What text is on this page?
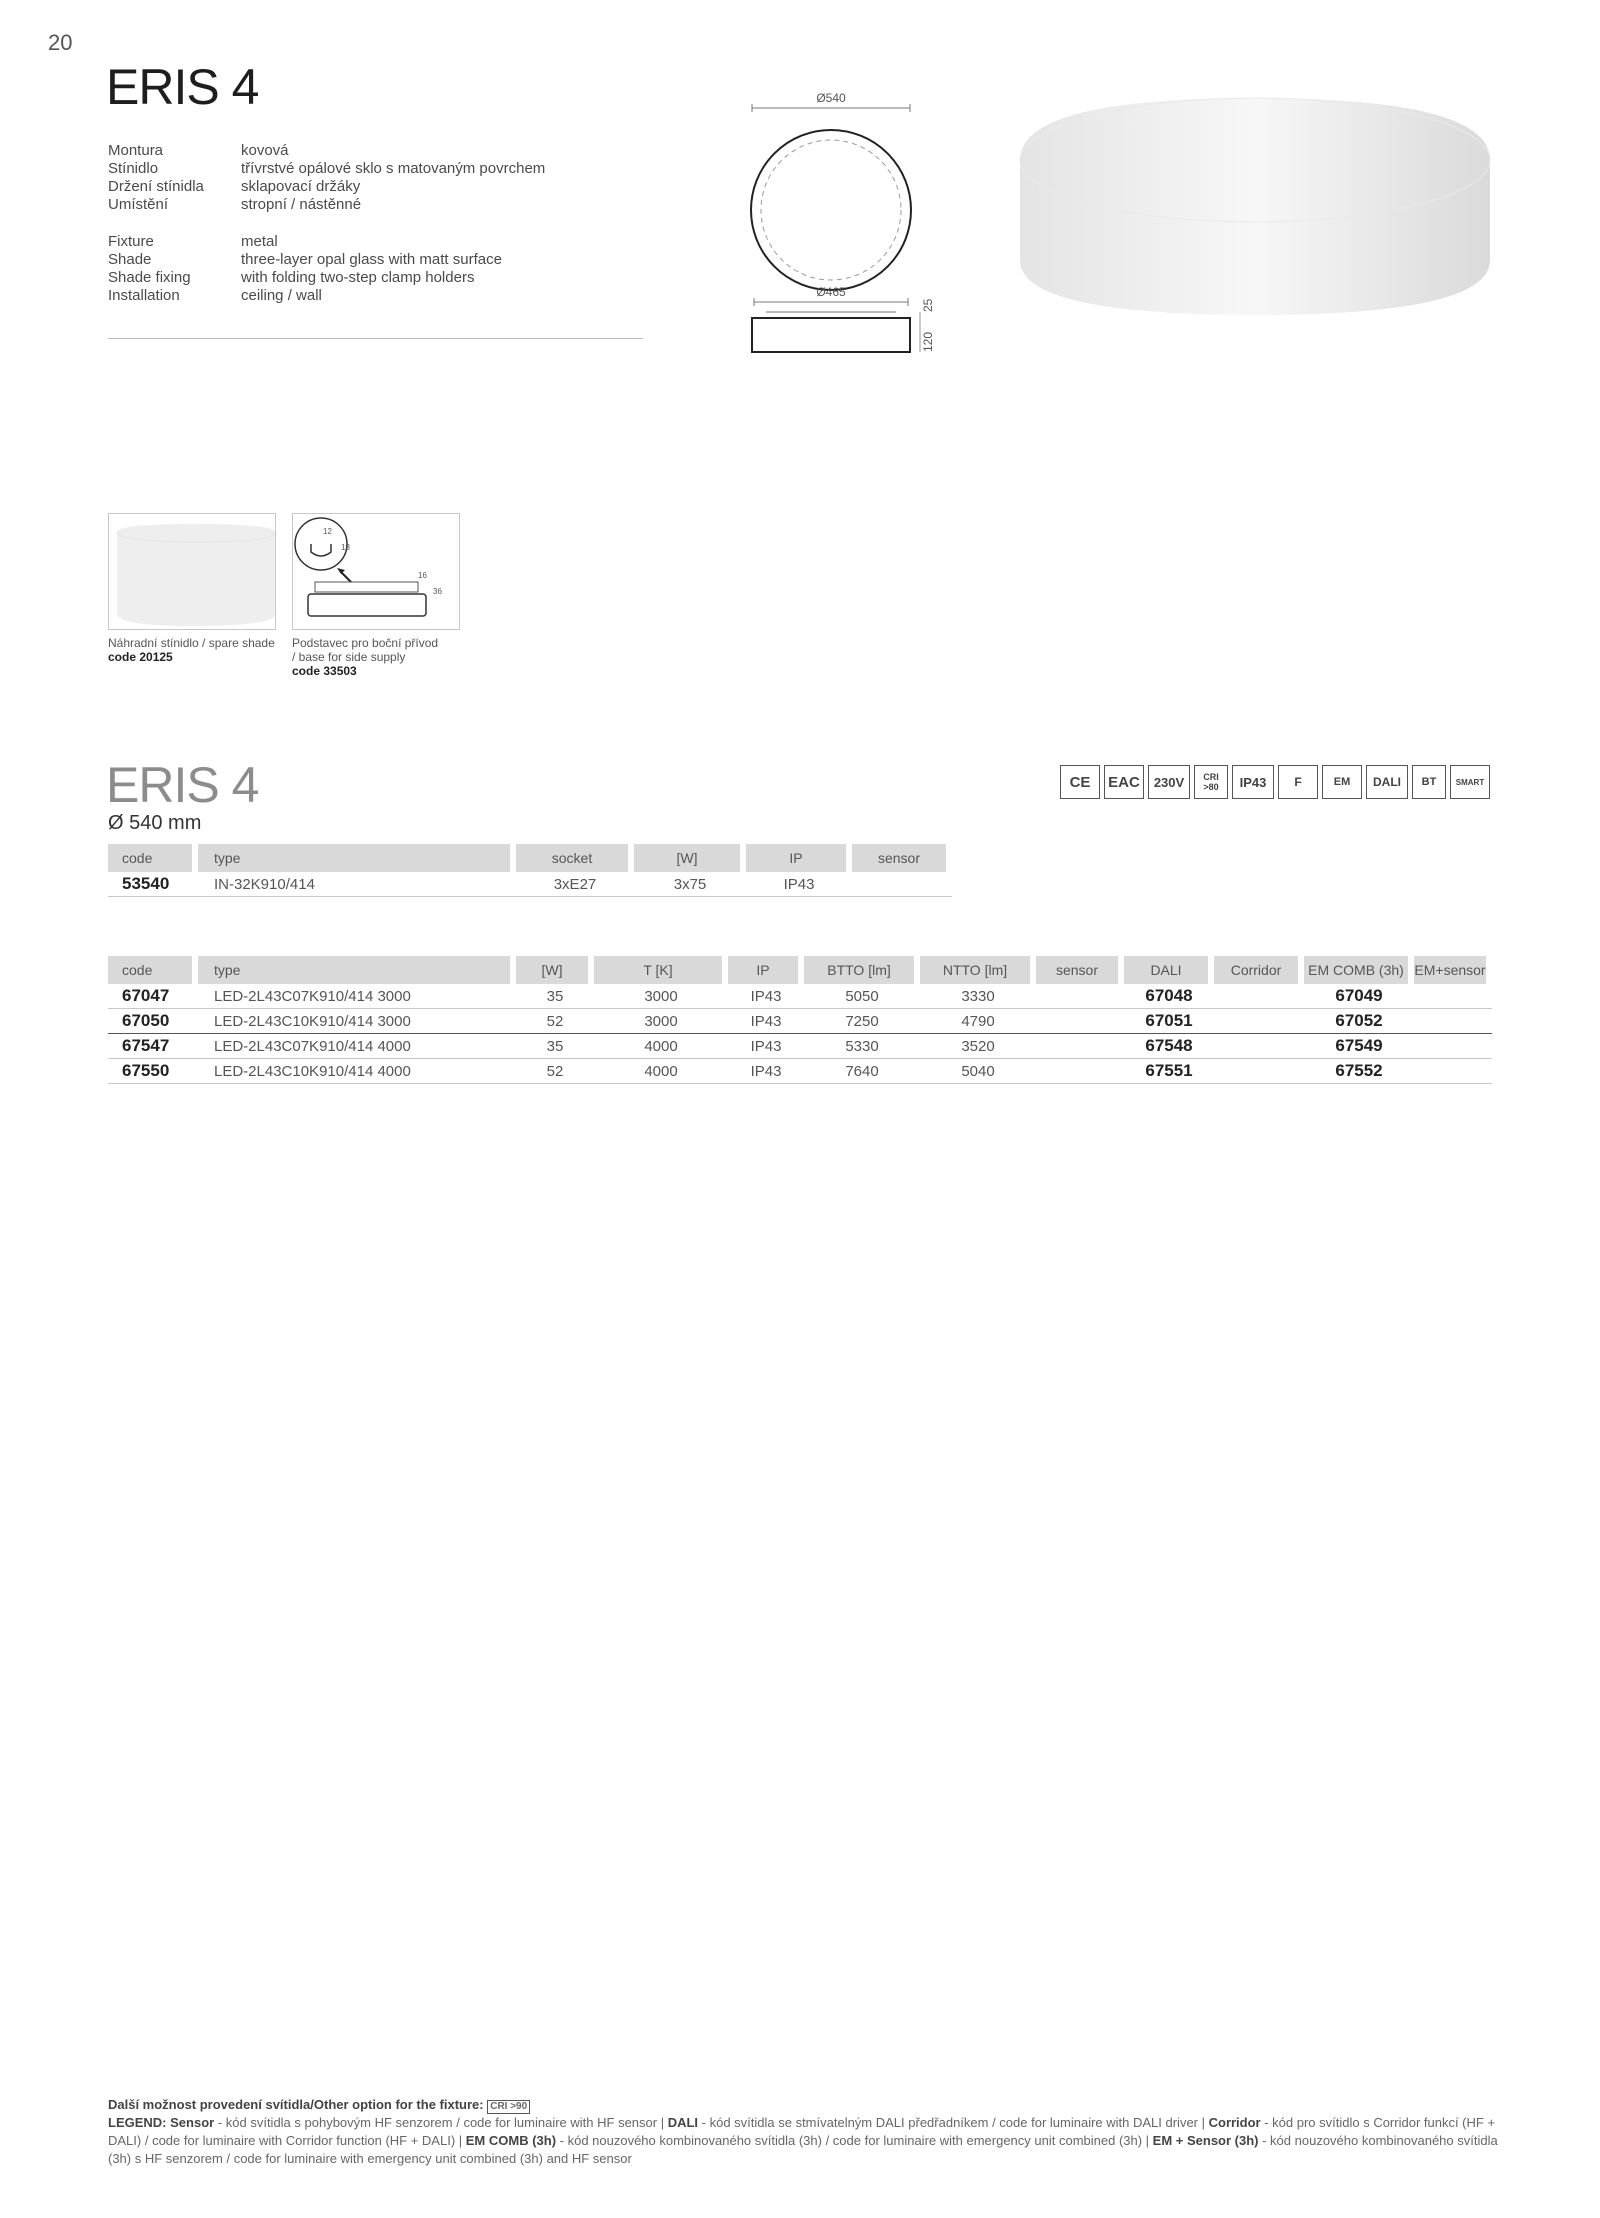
20
ERIS 4
Montura	kovová
Stínidlo	třívrstvé opálové sklo s matovaným povrchem
Držení stínidla	sklapovací držáky
Umístění	stropní / nástěnné
Fixture	metal
Shade	three-layer opal glass with matt surface
Shade fixing	with folding two-step clamp holders
Installation	ceiling / wall
Ø540
Ø465
120
25
12
13
16
36
Náhradní stínidlo / spare shade
code 20125
Podstavec pro boční přívod
/ base for side supply
code 33503
ERIS 4
Ø 540 mm
CE	EAC	230V	CRI >80	IP43	F	EM	DALI	BT	SMART
code	type	socket	[W]	IP	sensor
53540	IN-32K910/414	3xE27	3x75	IP43	
code	type	[W]	T [K]	IP	BTTO [lm]	NTTO [lm]	sensor	DALI	Corridor	EM COMB (3h)	EM+sensor
67047	LED-2L43C07K910/414 3000	35	3000	IP43	5050	3330		67048		67049	
67050	LED-2L43C10K910/414 3000	52	3000	IP43	7250	4790		67051		67052	
67547	LED-2L43C07K910/414 4000	35	4000	IP43	5330	3520		67548		67549	
67550	LED-2L43C10K910/414 4000	52	4000	IP43	7640	5040		67551		67552	
Další možnost provedení svítidla/Other option for the fixture: CRI >90
LEGEND: Sensor - kód svítidla s pohybovým HF senzorem / code for luminaire with HF sensor | DALI - kód svítidla se stmívatelným DALI předřadníkem / code for luminaire with DALI driver | Corridor - kód pro svítidlo s Corridor funkcí (HF + DALI) / code for luminaire with Corridor function (HF + DALI) | EM COMB (3h) - kód nouzového kombinovaného svítidla (3h) / code for luminaire with emergency unit combined (3h) | EM + Sensor (3h) - kód nouzového kombinovaného svítidla (3h) s HF senzorem / code for luminaire with emergency unit combined (3h) and HF sensor
